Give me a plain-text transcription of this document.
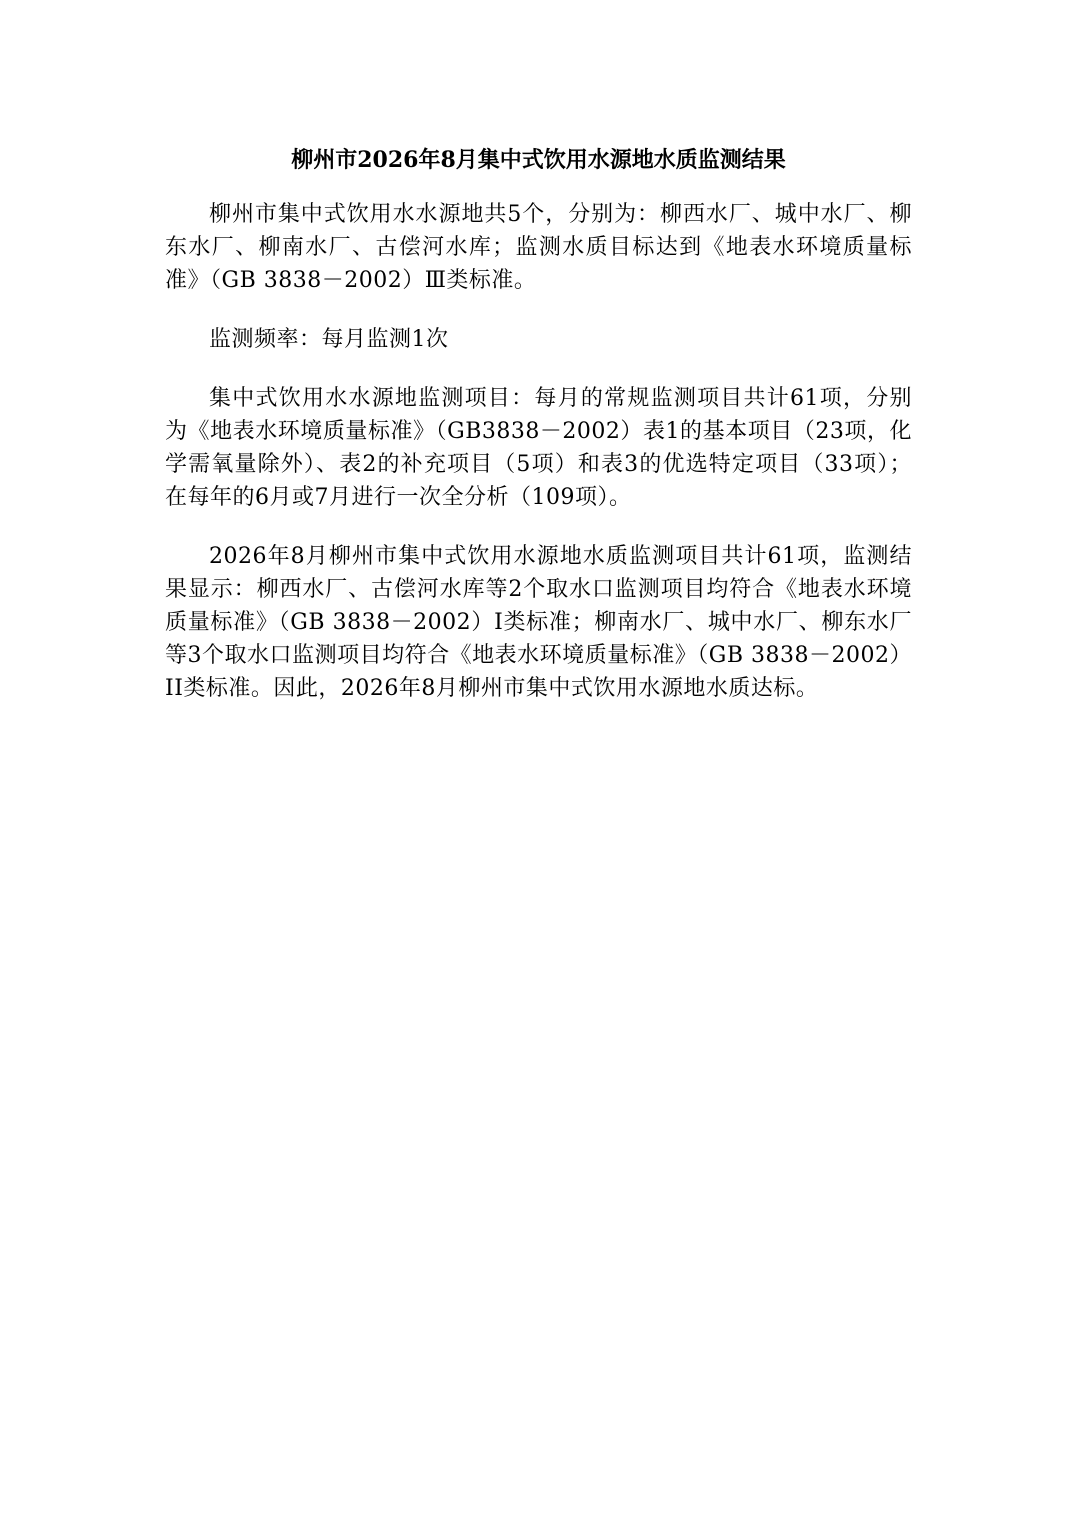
柳州市2026年8月集中式饮用水源地水质监测结果

柳州市集中式饮用水水源地共5个，分别为：柳西水厂、城中水厂、柳东水厂、柳南水厂、古偿河水库；监测水质目标达到《地表水环境质量标准》（GB 3838－2002）Ⅲ类标准。

监测频率：每月监测1次

集中式饮用水水源地监测项目：每月的常规监测项目共计61项，分别为《地表水环境质量标准》（GB3838－2002）表1的基本项目（23项，化学需氧量除外）、表2的补充项目（5项）和表3的优选特定项目（33项）；在每年的6月或7月进行一次全分析（109项）。

2026年8月柳州市集中式饮用水源地水质监测项目共计61项，监测结果显示：柳西水厂、古偿河水库等2个取水口监测项目均符合《地表水环境质量标准》（GB 3838－2002）I类标准；柳南水厂、城中水厂、柳东水厂等3个取水口监测项目均符合《地表水环境质量标准》（GB 3838－2002）II类标准。因此，2026年8月柳州市集中式饮用水源地水质达标。
